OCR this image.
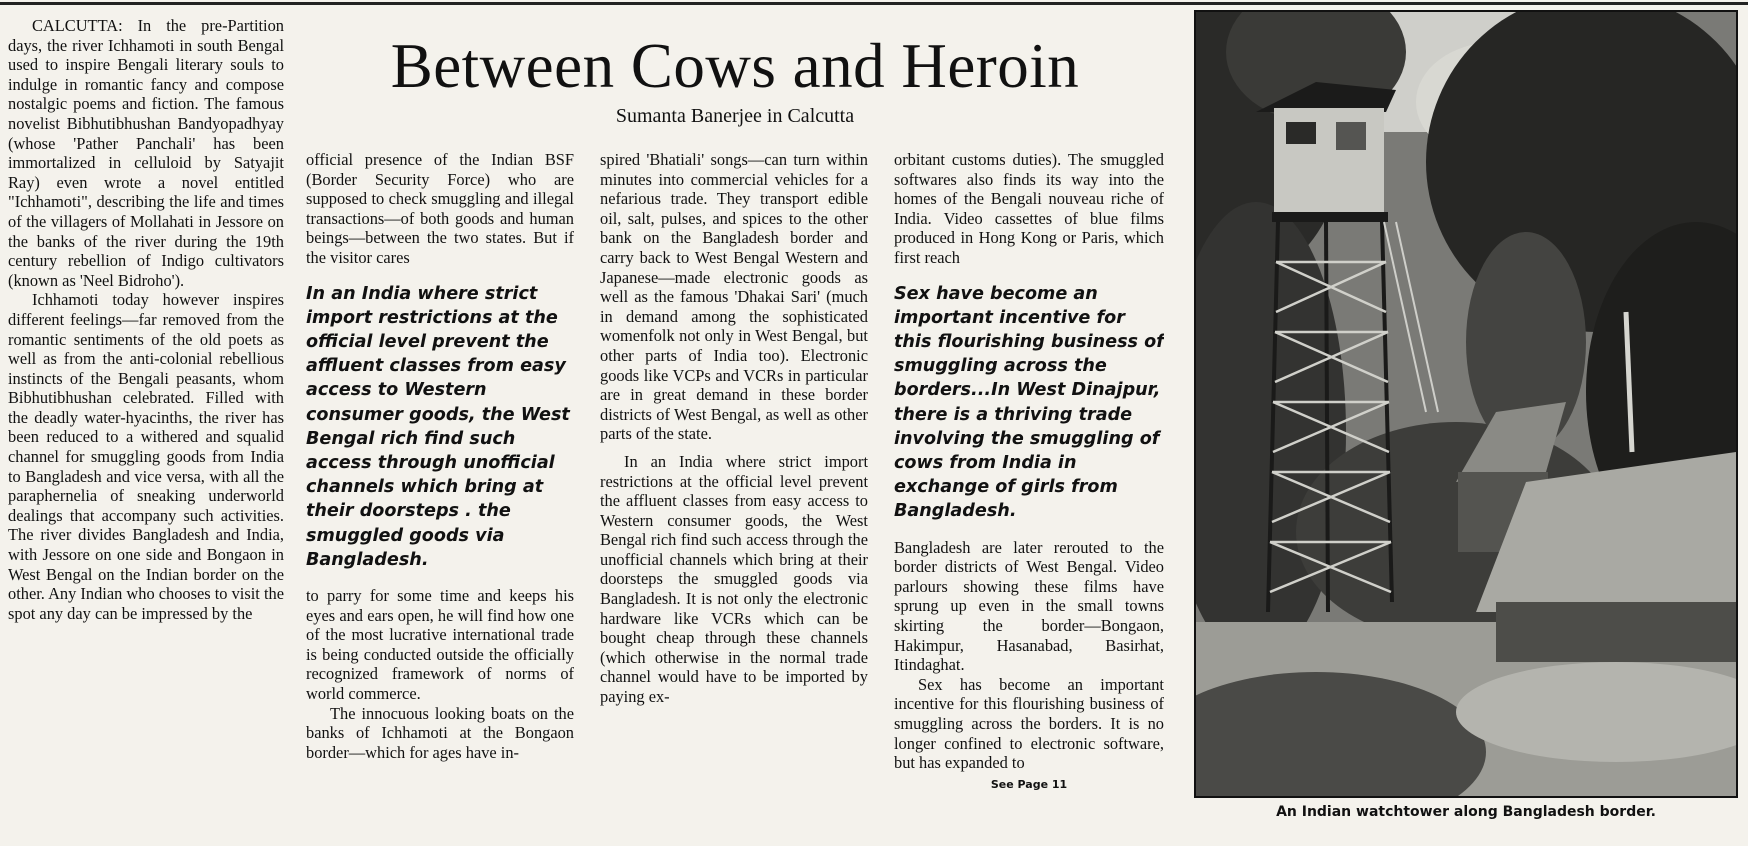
CALCUTTA: In the pre-Partition days, the river Ichhamoti in south Bengal used to inspire Bengali literary souls to indulge in romantic fancy and compose nostalgic poems and fiction. The famous novelist Bibhutibhushan Bandyopadhyay (whose 'Pather Panchali' has been immortalized in celluloid by Satyajit Ray) even wrote a novel entitled "Ichhamoti", describing the life and times of the villagers of Mollahati in Jessore on the banks of the river during the 19th century rebellion of Indigo cultivators (known as 'Neel Bidroho').

Ichhamoti today however inspires different feelings—far removed from the romantic sentiments of the old poets as well as from the anti-colonial rebellious instincts of the Bengali peasants, whom Bibhutibhushan celebrated. Filled with the deadly water-hyacinths, the river has been reduced to a withered and squalid channel for smuggling goods from India to Bangladesh and vice versa, with all the paraphernelia of sneaking underworld dealings that accompany such activities. The river divides Bangladesh and India, with Jessore on one side and Bongaon in West Bengal on the Indian border on the other. Any Indian who chooses to visit the spot any day can be impressed by the

Between Cows and Heroin
Sumanta Banerjee in Calcutta

official presence of the Indian BSF (Border Security Force) who are supposed to check smuggling and illegal transactions—of both goods and human beings—between the two states. But if the visitor cares

In an India where strict import restrictions at the official level prevent the affluent classes from easy access to Western consumer goods, the West Bengal rich find such access through unofficial channels which bring at their doorsteps . the smuggled goods via Bangladesh.

to parry for some time and keeps his eyes and ears open, he will find how one of the most lucrative international trade is being conducted outside the officially recognized framework of norms of world commerce.

The innocuous looking boats on the banks of Ichhamoti at the Bongaon border—which for ages have in-

spired 'Bhatiali' songs—can turn within minutes into commercial vehicles for a nefarious trade. They transport edible oil, salt, pulses, and spices to the other bank on the Bangladesh border and carry back to West Bengal Western and Japanese—made electronic goods as well as the famous 'Dhakai Sari' (much in demand among the sophisticated womenfolk not only in West Bengal, but other parts of India too). Electronic goods like VCPs and VCRs in particular are in great demand in these border districts of West Bengal, as well as other parts of the state.

In an India where strict import restrictions at the official level prevent the affluent classes from easy access to Western consumer goods, the West Bengal rich find such access through the unofficial channels which bring at their doorsteps the smuggled goods via Bangladesh. It is not only the electronic hardware like VCRs which can be bought cheap through these channels (which otherwise in the normal trade channel would have to be imported by paying ex-

orbitant customs duties). The smuggled softwares also finds its way into the homes of the Bengali nouveau riche of India. Video cassettes of blue films produced in Hong Kong or Paris, which first reach

Sex have become an important incentive for this flourishing business of smuggling across the borders...In West Dinajpur, there is a thriving trade involving the smuggling of cows from India in exchange of girls from Bangladesh.

Bangladesh are later rerouted to the border districts of West Bengal. Video parlours showing these films have sprung up even in the small towns skirting the border—Bongaon, Hakimpur, Hasanabad, Basirhat, Itindaghat.

Sex has become an important incentive for this flourishing business of smuggling across the borders. It is no longer confined to electronic software, but has expanded to

See Page 11
An Indian watchtower along Bangladesh border.
